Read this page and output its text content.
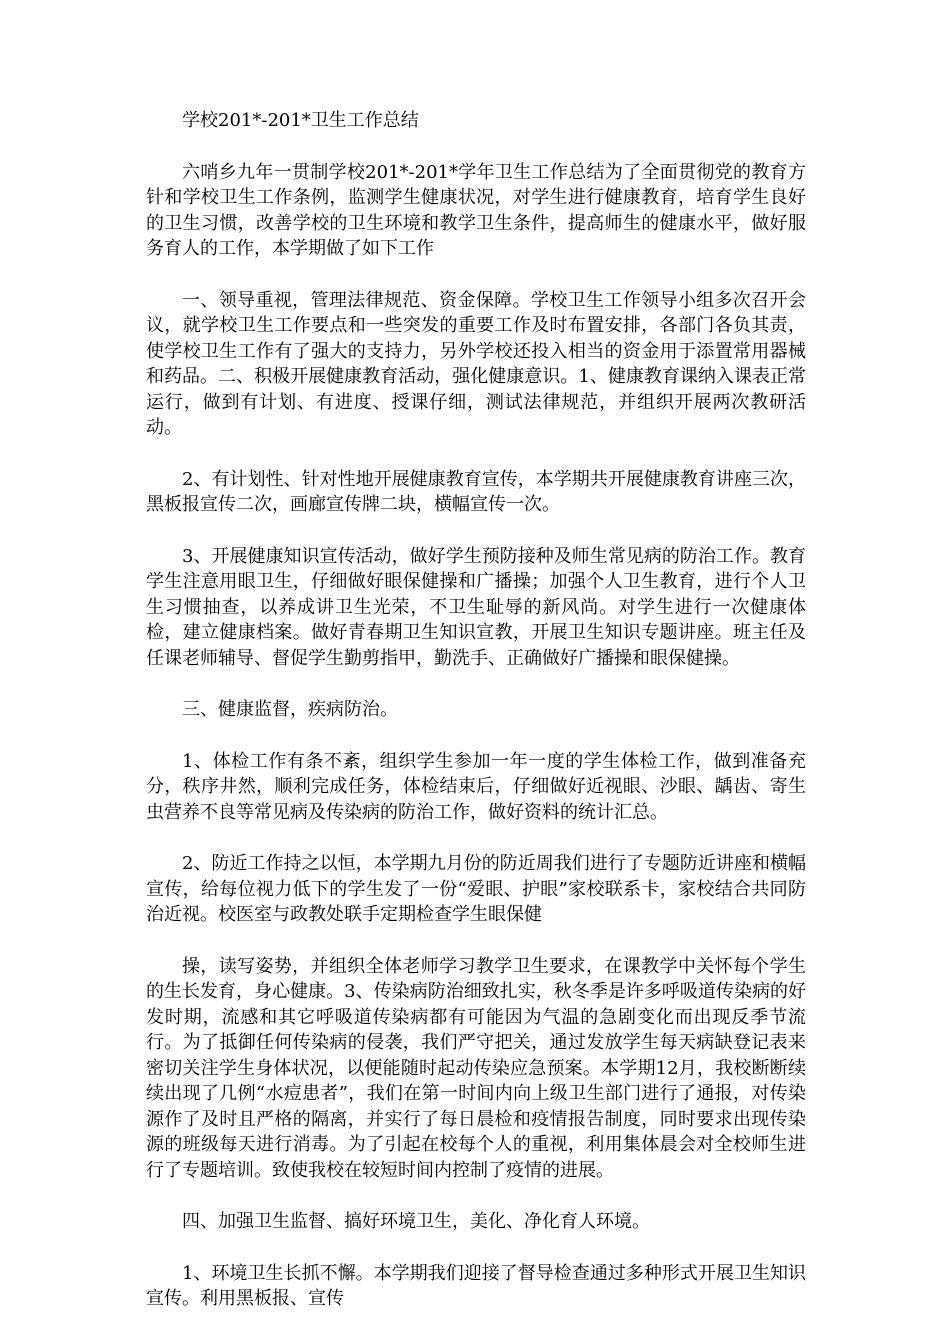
学校201*-201*卫生工作总结

六哨乡九年一贯制学校201*-201*学年卫生工作总结为了全面贯彻党的教育方针和学校卫生工作条例，监测学生健康状况，对学生进行健康教育，培育学生良好的卫生习惯，改善学校的卫生环境和教学卫生条件，提高师生的健康水平，做好服务育人的工作，本学期做了如下工作

一、领导重视，管理法律规范、资金保障。学校卫生工作领导小组多次召开会议，就学校卫生工作要点和一些突发的重要工作及时布置安排，各部门各负其责，使学校卫生工作有了强大的支持力，另外学校还投入相当的资金用于添置常用器械和药品。二、积极开展健康教育活动，强化健康意识。1、健康教育课纳入课表正常运行，做到有计划、有进度、授课仔细，测试法律规范，并组织开展两次教研活动。

2、有计划性、针对性地开展健康教育宣传，本学期共开展健康教育讲座三次，黑板报宣传二次，画廊宣传牌二块，横幅宣传一次。

3、开展健康知识宣传活动，做好学生预防接种及师生常见病的防治工作。教育学生注意用眼卫生，仔细做好眼保健操和广播操；加强个人卫生教育，进行个人卫生习惯抽查，以养成讲卫生光荣，不卫生耻辱的新风尚。对学生进行一次健康体检，建立健康档案。做好青春期卫生知识宣教，开展卫生知识专题讲座。班主任及任课老师辅导、督促学生勤剪指甲，勤洗手、正确做好广播操和眼保健操。

三、健康监督，疾病防治。

1、体检工作有条不紊，组织学生参加一年一度的学生体检工作，做到准备充分，秩序井然，顺利完成任务，体检结束后，仔细做好近视眼、沙眼、龋齿、寄生虫营养不良等常见病及传染病的防治工作，做好资料的统计汇总。

2、防近工作持之以恒，本学期九月份的防近周我们进行了专题防近讲座和横幅宣传，给每位视力低下的学生发了一份“爱眼、护眼”家校联系卡，家校结合共同防治近视。校医室与政教处联手定期检查学生眼保健

操，读写姿势，并组织全体老师学习教学卫生要求，在课教学中关怀每个学生的生长发育，身心健康。3、传染病防治细致扎实，秋冬季是许多呼吸道传染病的好发时期，流感和其它呼吸道传染病都有可能因为气温的急剧变化而出现反季节流行。为了抵御任何传染病的侵袭，我们严守把关，通过发放学生每天病缺登记表来密切关注学生身体状况，以便能随时起动传染应急预案。本学期12月，我校断断续续出现了几例“水痘患者”，我们在第一时间内向上级卫生部门进行了通报，对传染源作了及时且严格的隔离，并实行了每日晨检和疫情报告制度，同时要求出现传染源的班级每天进行消毒。为了引起在校每个人的重视，利用集体晨会对全校师生进行了专题培训。致使我校在较短时间内控制了疫情的进展。

四、加强卫生监督、搞好环境卫生，美化、净化育人环境。

1、环境卫生长抓不懈。本学期我们迎接了督导检查通过多种形式开展卫生知识宣传。利用黑板报、宣传
